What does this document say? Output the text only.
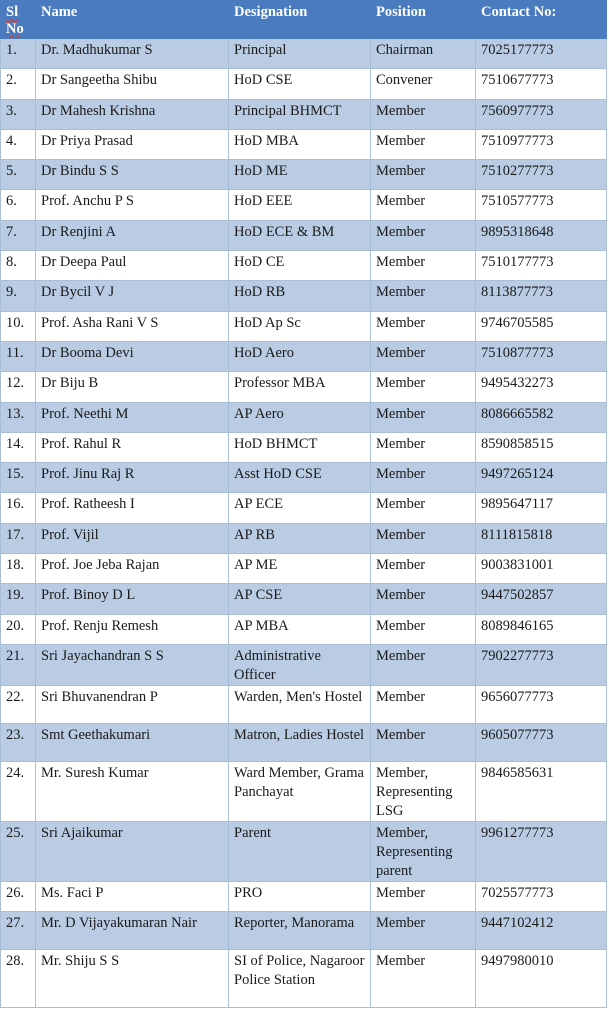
Sl
No	Name	Designation	Position	Contact No:
1.	Dr. Madhukumar S	Principal	Chairman	7025177773
2.	Dr Sangeetha Shibu	HoD CSE	Convener	7510677773
3.	Dr Mahesh Krishna	Principal BHMCT	Member	7560977773
4.	Dr Priya Prasad	HoD MBA	Member	7510977773
5.	Dr Bindu S S	HoD ME	Member	7510277773
6.	Prof. Anchu P S	HoD EEE	Member	7510577773
7.	Dr Renjini A	HoD ECE & BM	Member	9895318648
8.	Dr Deepa Paul	HoD CE	Member	7510177773
9.	Dr Bycil V J	HoD RB	Member	8113877773
10.	Prof. Asha Rani V S	HoD Ap Sc	Member	9746705585
11.	Dr Booma Devi	HoD Aero	Member	7510877773
12.	Dr Biju B	Professor MBA	Member	9495432273
13.	Prof. Neethi M	AP Aero	Member	8086665582
14.	Prof. Rahul R	HoD BHMCT	Member	8590858515
15.	Prof. Jinu Raj R	Asst HoD CSE	Member	9497265124
16.	Prof. Ratheesh I	AP ECE	Member	9895647117
17.	Prof. Vijil	AP RB	Member	8111815818
18.	Prof. Joe Jeba Rajan	AP ME	Member	9003831001
19.	Prof. Binoy D L	AP CSE	Member	9447502857
20.	Prof. Renju Remesh	AP MBA	Member	8089846165
21.	Sri Jayachandran S S	Administrative Officer	Member	7902277773
22.	Sri Bhuvanendran P	Warden, Men's Hostel	Member	9656077773
23.	Smt Geethakumari	Matron, Ladies Hostel	Member	9605077773
24.	Mr. Suresh Kumar	Ward Member, Grama Panchayat	Member, Representing LSG	9846585631
25.	Sri Ajaikumar	Parent	Member, Representing parent	9961277773
26.	Ms. Faci P	PRO	Member	7025577773
27.	Mr. D Vijayakumaran Nair	Reporter, Manorama	Member	9447102412
28.	Mr. Shiju S S	SI of Police, Nagaroor Police Station	Member	9497980010
